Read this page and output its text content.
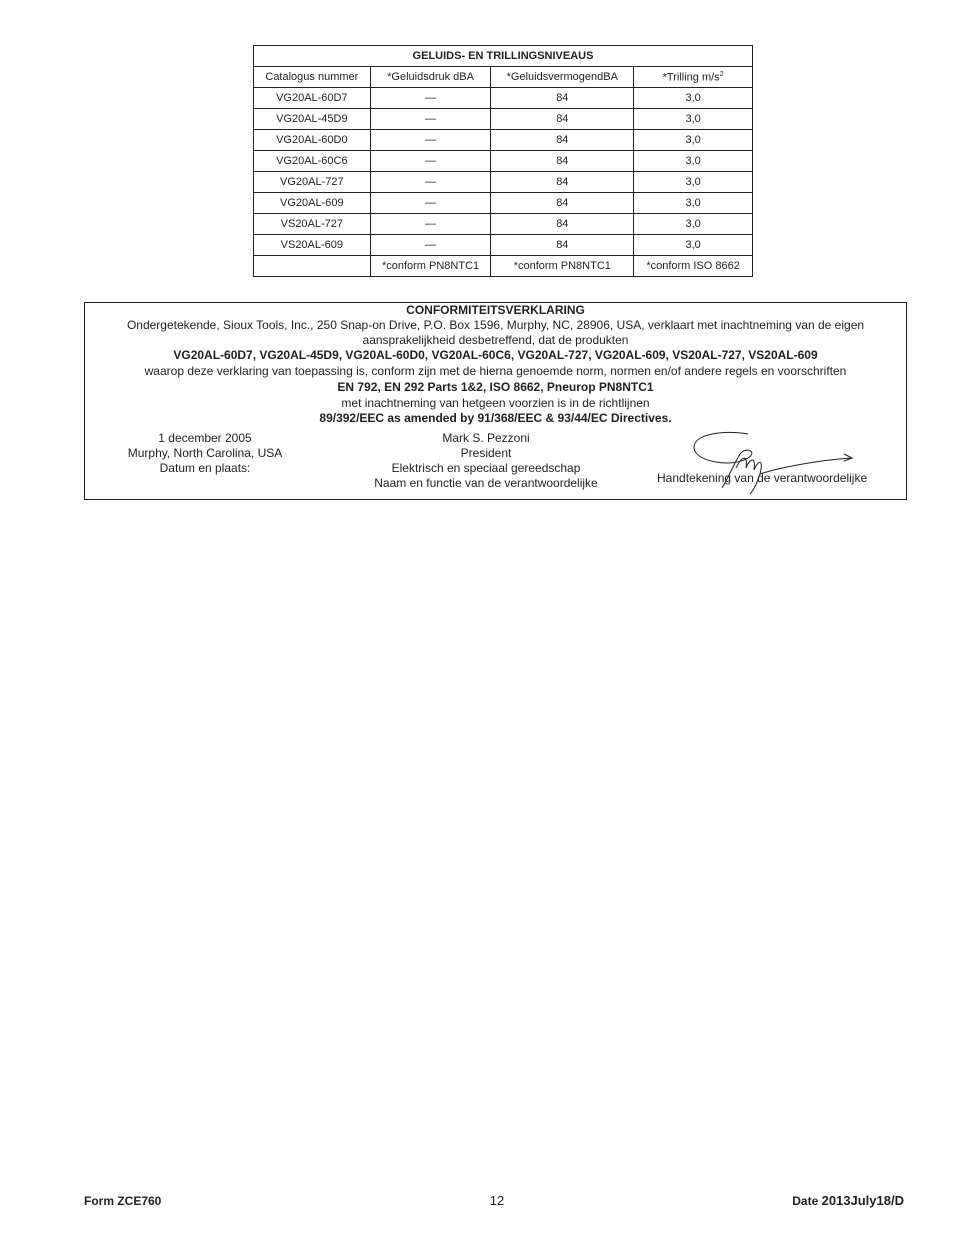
GELUIDS- EN TRILLINGSNIVEAUS			
Catalogus nummer	*Geluidsdruk dBA	*GeluidsvermogendBA	*Trilling $m/s^2$
VG20AL-60D7	—	84	3,0
VG20AL-45D9	—	84	3,0
VG20AL-60D0	—	84	3,0
VG20AL-60C6	—	84	3,0
VG20AL-727	—	84	3,0
VG20AL-609	—	84	3,0
VS20AL-727	—	84	3,0
VS20AL-609	—	84	3,0
	*conform PN8NTC1	*conform PN8NTC1	*conform ISO 8662
CONFORMITEITSVERKLARING
Ondergetekende, Sioux Tools, Inc., 250 Snap-on Drive, P.O. Box 1596, Murphy, NC, 28906, USA, verklaart met inachtneming van de eigen
aansprakelijkheid desbetreffend, dat de produkten
VG20AL-60D7, VG20AL-45D9, VG20AL-60D0, VG20AL-60C6, VG20AL-727, VG20AL-609, VS20AL-727, VS20AL-609
waarop deze verklaring van toepassing is, conform zijn met de hierna genoemde norm, normen en/of andere regels en voorschriften
EN 792, EN 292 Parts 1&2, ISO 8662, Pneurop PN8NTC1
met inachtneming van hetgeen voorzien is in de richtlijnen
89/392/EEC as amended by 91/368/EEC & 93/44/EC Directives.
1 december 2005
Murphy, North Carolina, USA
Datum en plaats:
Mark S. Pezzoni
President
Elektrisch en speciaal gereedschap
Naam en functie van de verantwoordelijke	Handtekening van de verantwoordelijke
Form ZCE760	12	Date 2013July18/D
